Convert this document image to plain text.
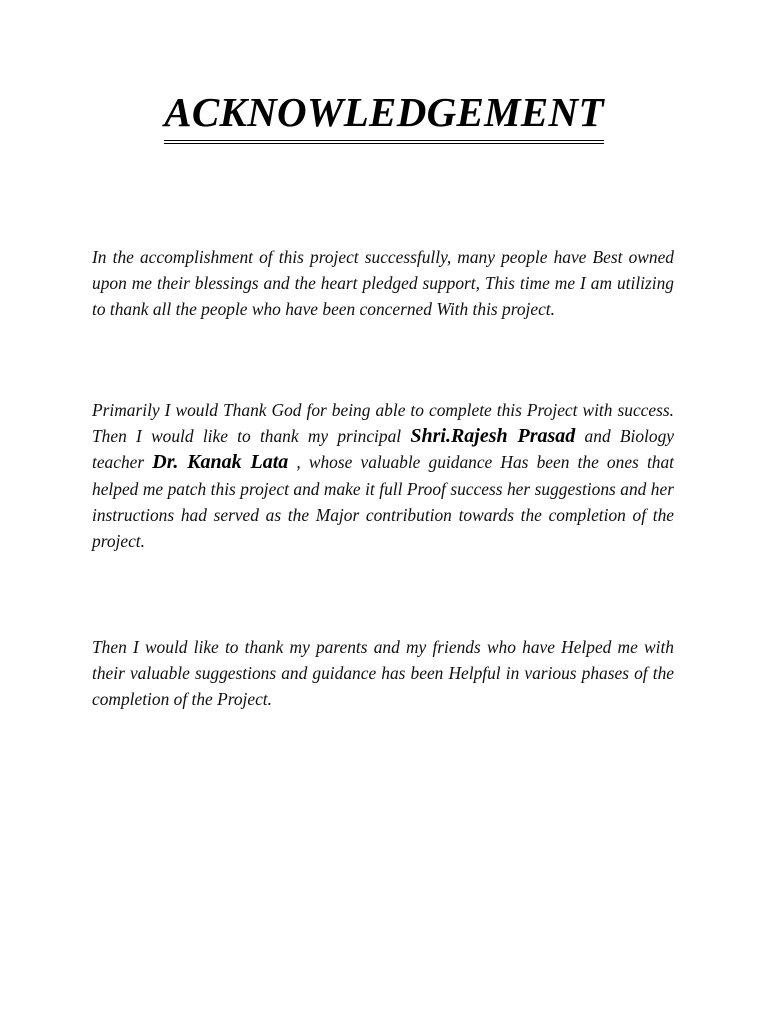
ACKNOWLEDGEMENT

In the accomplishment of this project successfully, many people have Best owned upon me their blessings and the heart pledged support, This time me I am utilizing to thank all the people who have been concerned With this project.

Primarily I would Thank God for being able to complete this Project with success. Then I would like to thank my principal Shri.Rajesh Prasad and Biology teacher Dr. Kanak Lata , whose valuable guidance Has been the ones that helped me patch this project and make it full Proof success her suggestions and her instructions had served as the Major contribution towards the completion of the project.

Then I would like to thank my parents and my friends who have Helped me with their valuable suggestions and guidance has been Helpful in various phases of the completion of the Project.
